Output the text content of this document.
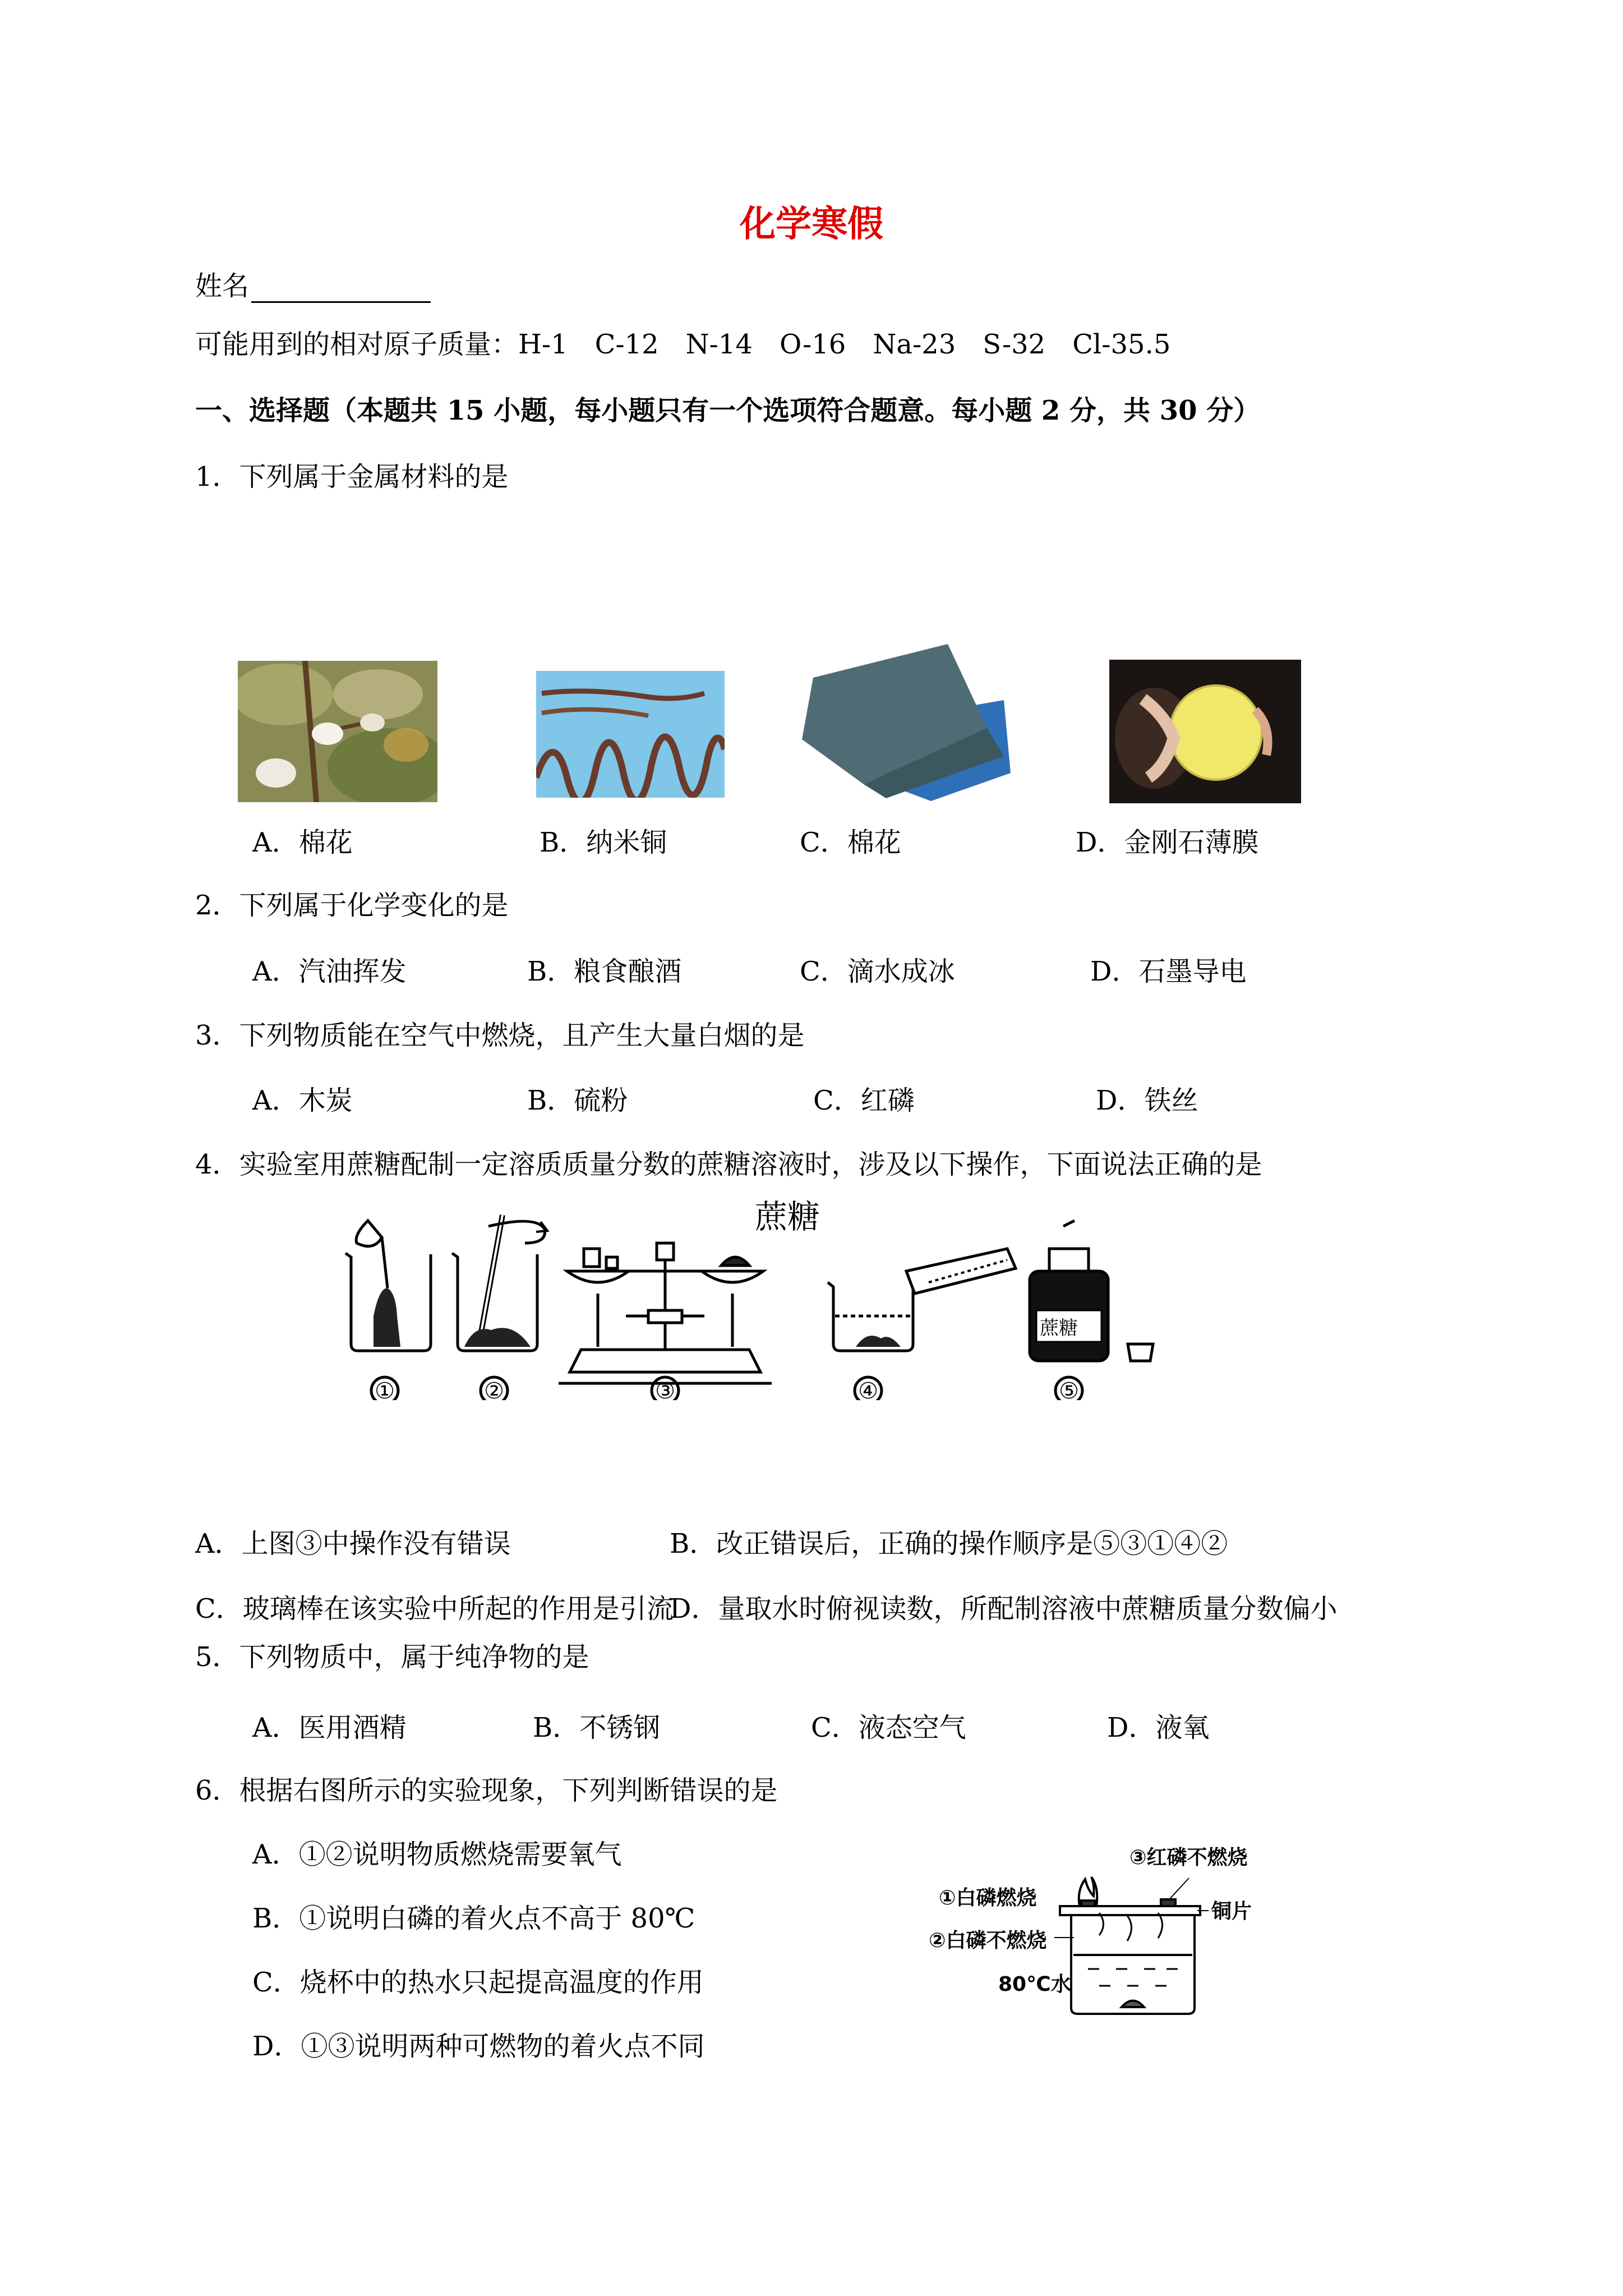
化学寒假
姓名
可能用到的相对原子质量：H-1　C-12　N-14　O-16　Na-23　S-32　Cl-35.5
一、选择题（本题共 15 小题，每小题只有一个选项符合题意。每小题 2 分，共 30 分）
1．下列属于金属材料的是
A．棉花	B．纳米铜	C．棉花	D．金刚石薄膜
2．下列属于化学变化的是
A．汽油挥发	B．粮食酿酒	C．滴水成冰	D．石墨导电
3．下列物质能在空气中燃烧，且产生大量白烟的是
A．木炭	B．硫粉	C．红磷	D．铁丝
4．实验室用蔗糖配制一定溶质质量分数的蔗糖溶液时，涉及以下操作，下面说法正确的是
蔗糖
蔗糖
①	②	③	④	⑤
A．上图③中操作没有错误	B．改正错误后，正确的操作顺序是⑤③①④②
C．玻璃棒在该实验中所起的作用是引流
D．量取水时俯视读数，所配制溶液中蔗糖质量分数偏小
5．下列物质中，属于纯净物的是
A．医用酒精	B．不锈钢	C．液态空气	D．液氧
6．根据右图所示的实验现象，下列判断错误的是
A．①②说明物质燃烧需要氧气
B．①说明白磷的着火点不高于 80℃
C．烧杯中的热水只起提高温度的作用
D．①③说明两种可燃物的着火点不同
①白磷燃烧
②白磷不燃烧
③红磷不燃烧
铜片
80℃水
